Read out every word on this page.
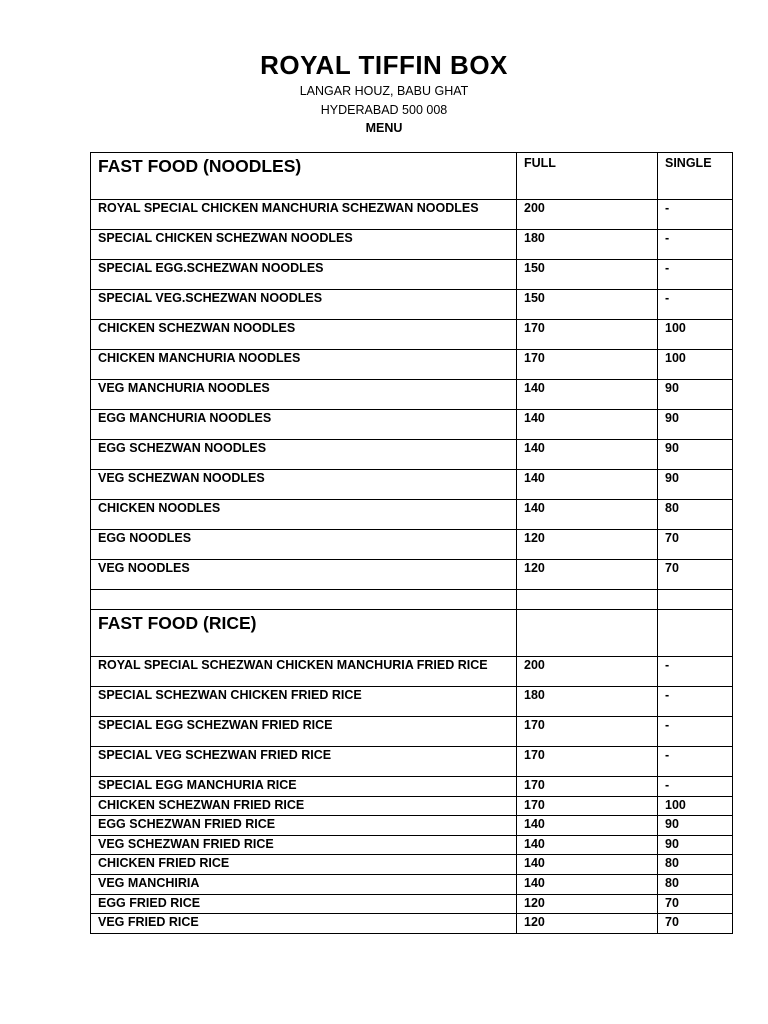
ROYAL TIFFIN BOX
LANGAR HOUZ, BABU GHAT
HYDERABAD 500 008
MENU
FAST FOOD (NOODLES)	FULL	SINGLE
ROYAL SPECIAL CHICKEN MANCHURIA SCHEZWAN NOODLES	200	-
SPECIAL CHICKEN SCHEZWAN NOODLES	180	-
SPECIAL EGG.SCHEZWAN NOODLES	150	-
SPECIAL VEG.SCHEZWAN NOODLES	150	-
CHICKEN SCHEZWAN NOODLES	170	100
CHICKEN MANCHURIA NOODLES	170	100
VEG MANCHURIA NOODLES	140	90
EGG MANCHURIA NOODLES	140	90
EGG SCHEZWAN NOODLES	140	90
VEG SCHEZWAN NOODLES	140	90
CHICKEN NOODLES	140	80
EGG NOODLES	120	70
VEG NOODLES	120	70

FAST FOOD (RICE)		
ROYAL SPECIAL SCHEZWAN CHICKEN MANCHURIA FRIED RICE	200	-
SPECIAL SCHEZWAN CHICKEN FRIED RICE	180	-
SPECIAL EGG SCHEZWAN FRIED RICE	170	-
SPECIAL VEG SCHEZWAN FRIED RICE	170	-
SPECIAL EGG MANCHURIA RICE	170	-
CHICKEN SCHEZWAN FRIED RICE	170	100
EGG SCHEZWAN FRIED RICE	140	90
VEG SCHEZWAN FRIED RICE	140	90
CHICKEN FRIED RICE	140	80
VEG MANCHIRIA	140	80
EGG FRIED RICE	120	70
VEG FRIED RICE	120	70
